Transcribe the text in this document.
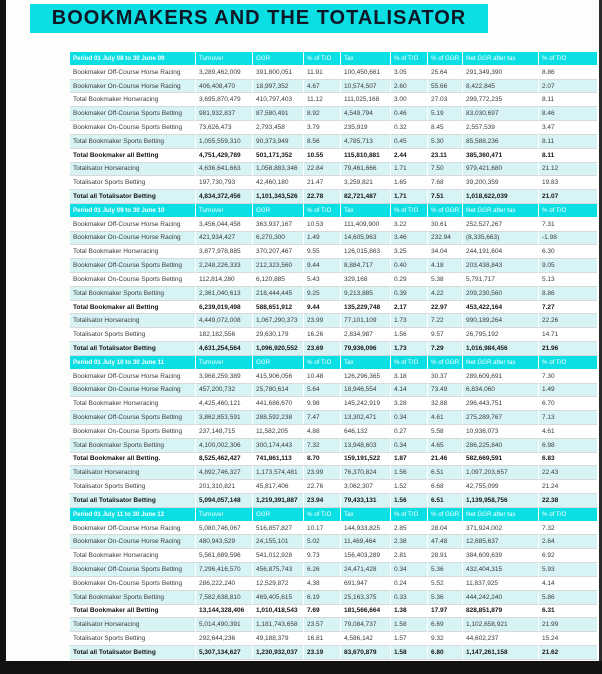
BOOKMAKERS AND THE TOTALISATOR
Period 01 July 08 to 30 June 09	Turnover	GGR	% of T/O	Tax	% of T/O	% of GGR	Net GGR after tax	% of T/O
Bookmaker Off-Course Horse Racing	3,289,462,009	391,800,051	11.91	100,450,661	3.05	25.64	291,349,390	8.86
Bookmaker On-Course Horse Racing	406,408,470	18,997,352	4.67	10,574,507	2.60	55.66	8,422,845	2.07
Total Bookmaker Horseracing	3,695,870,479	410,797,403	11.12	111,025,168	3.00	27.03	299,772,235	8.11
Bookmaker Off-Course Sports Betting	981,932,837	87,580,491	8.92	4,549,794	0.46	5.19	83,030,697	8.46
Bookmaker On-Course Sports Betting	73,626,473	2,793,458	3.79	235,919	0.32	8.45	2,557,539	3.47
Total Bookmaker Sports Betting	1,055,559,310	90,373,949	8.56	4,785,713	0.45	5.30	85,588,236	8.11
Total Bookmaker all Betting	4,751,429,789	501,171,352	10.55	115,810,881	2.44	23.11	385,360,471	8.11
Totalisator Horseracing	4,636,641,663	1,058,883,346	22.84	79,461,666	1.71	7.50	979,421,680	21.12
Totalisator Sports Betting	197,730,793	42,460,180	21.47	3,259,821	1.65	7.68	39,200,359	19.83
Total all Totalisator Betting	4,834,372,456	1,101,343,526	22.78	82,721,487	1.71	7.51	1,018,622,039	21.07
Period 01 July 09 to 30 June 10	Turnover	GGR	% of T/O	Tax	% of T/O	% of GGR	Net GGR after tax	% of T/O
Bookmaker Off-Course Horse Racing	3,456,044,458	363,937,167	10.53	111,409,900	3.22	30.61	252,527,267	7.31
Bookmaker On-Course Horse Racing	421,934,427	6,270,300	1.49	14,605,963	3.46	232.94	(8,335,663)	-1.98
Total Bookmaker Horseracing	3,877,978,885	370,207,467	9.55	126,015,863	3.25	34.04	244,191,604	6.30
Bookmaker Off-Course Sports Betting	2,248,226,333	212,323,560	9.44	8,884,717	0.40	4.18	203,438,843	9.05
Bookmaker On-Course Sports Betting	112,814,280	6,120,885	5.43	329,168	0.29	5.38	5,791,717	5.13
Total Bookmaker Sports Betting	2,361,040,613	218,444,445	9.25	9,213,885	0.39	4.22	209,230,560	8.86
Total Bookmaker all Betting	6,239,019,498	588,651,912	9.44	135,229,748	2.17	22.97	453,422,164	7.27
Totalisator Horseracing	4,449,072,008	1,067,290,373	23.99	77,101,109	1.73	7.22	990,189,264	22.26
Totalisator Sports Betting	182,182,556	29,630,179	16.26	2,834,987	1.56	9.57	26,795,192	14.71
Total all Totalisator Betting	4,631,254,564	1,096,920,552	23.69	79,936,096	1.73	7.29	1,016,984,456	21.96
Period 01 July 10 to 30 June 11	Turnover	GGR	% of T/O	Tax	% of T/O	% of GGR	Net GGR after tax	% of T/O
Bookmaker Off-Course Horse Racing	3,968,259,389	415,906,056	10.48	126,296,365	3.18	30.37	289,609,691	7.30
Bookmaker On-Course Horse Racing	457,200,732	25,780,614	5.64	18,946,554	4.14	73.49	6,834,060	1.49
Total Bookmaker Horseracing	4,425,460,121	441,686,670	9.98	145,242,919	3.28	32.88	296,443,751	6.70
Bookmaker Off-Course Sports Betting	3,862,853,591	288,592,238	7.47	13,302,471	0.34	4.61	275,289,767	7.13
Bookmaker On-Course Sports Betting	237,148,715	11,582,205	4.88	646,132	0.27	5.58	10,936,073	4.61
Total Bookmaker Sports Betting	4,100,002,306	300,174,443	7.32	13,948,603	0.34	4.65	286,225,840	6.98
Total Bookmaker all Betting.	8,525,462,427	741,861,113	8.70	159,191,522	1.87	21.46	582,669,591	6.83
Totalisator Horseracing	4,892,746,327	1,173,574,481	23.99	76,370,824	1.56	6.51	1,097,203,657	22.43
Totalisator Sports Betting	201,310,821	45,817,406	22.76	3,062,307	1.52	6.68	42,755,099	21.24
Total all Totalisator Betting	5,094,057,148	1,219,391,887	23.94	79,433,131	1.56	6.51	1,139,958,756	22.38
Period 01 July 11 to 30 June 12	Turnover	GGR	% of T/O	Tax	% of T/O	% of GGR	Net GGR after tax	% of T/O
Bookmaker Off-Course Horse Racing	5,080,746,067	516,857,827	10.17	144,933,825	2.85	28.04	371,924,002	7.32
Bookmaker On-Course Horse Racing	480,943,529	24,155,101	5.02	11,469,464	2.38	47.48	12,685,637	2.64
Total Bookmaker Horseracing	5,561,689,596	541,012,928	9.73	156,403,289	2.81	28.91	384,609,639	6.92
Bookmaker Off-Course Sports Betting	7,296,416,570	456,875,743	6.26	24,471,428	0.34	5.36	432,404,315	5.93
Bookmaker On-Course Sports Betting	286,222,240	12,529,872	4.38	691,947	0.24	5.52	11,837,925	4.14
Total Bookmaker Sports Betting	7,582,638,810	469,405,615	6.19	25,163,375	0.33	5.36	444,242,240	5.86
Total Bookmaker all Betting	13,144,328,406	1,010,418,543	7.69	181,566,664	1.38	17.97	828,851,879	6.31
Totalisator Horseracing	5,014,490,391	1,181,743,658	23.57	79,084,737	1.58	6.69	1,102,658,921	21.99
Totalisator Sports Betting	292,644,236	49,188,379	16.81	4,586,142	1.57	9.32	44,602,237	15.24
Total all Totalisator Betting	5,307,134,627	1,230,932,037	23.19	83,670,879	1.58	6.80	1,147,261,158	21.62
